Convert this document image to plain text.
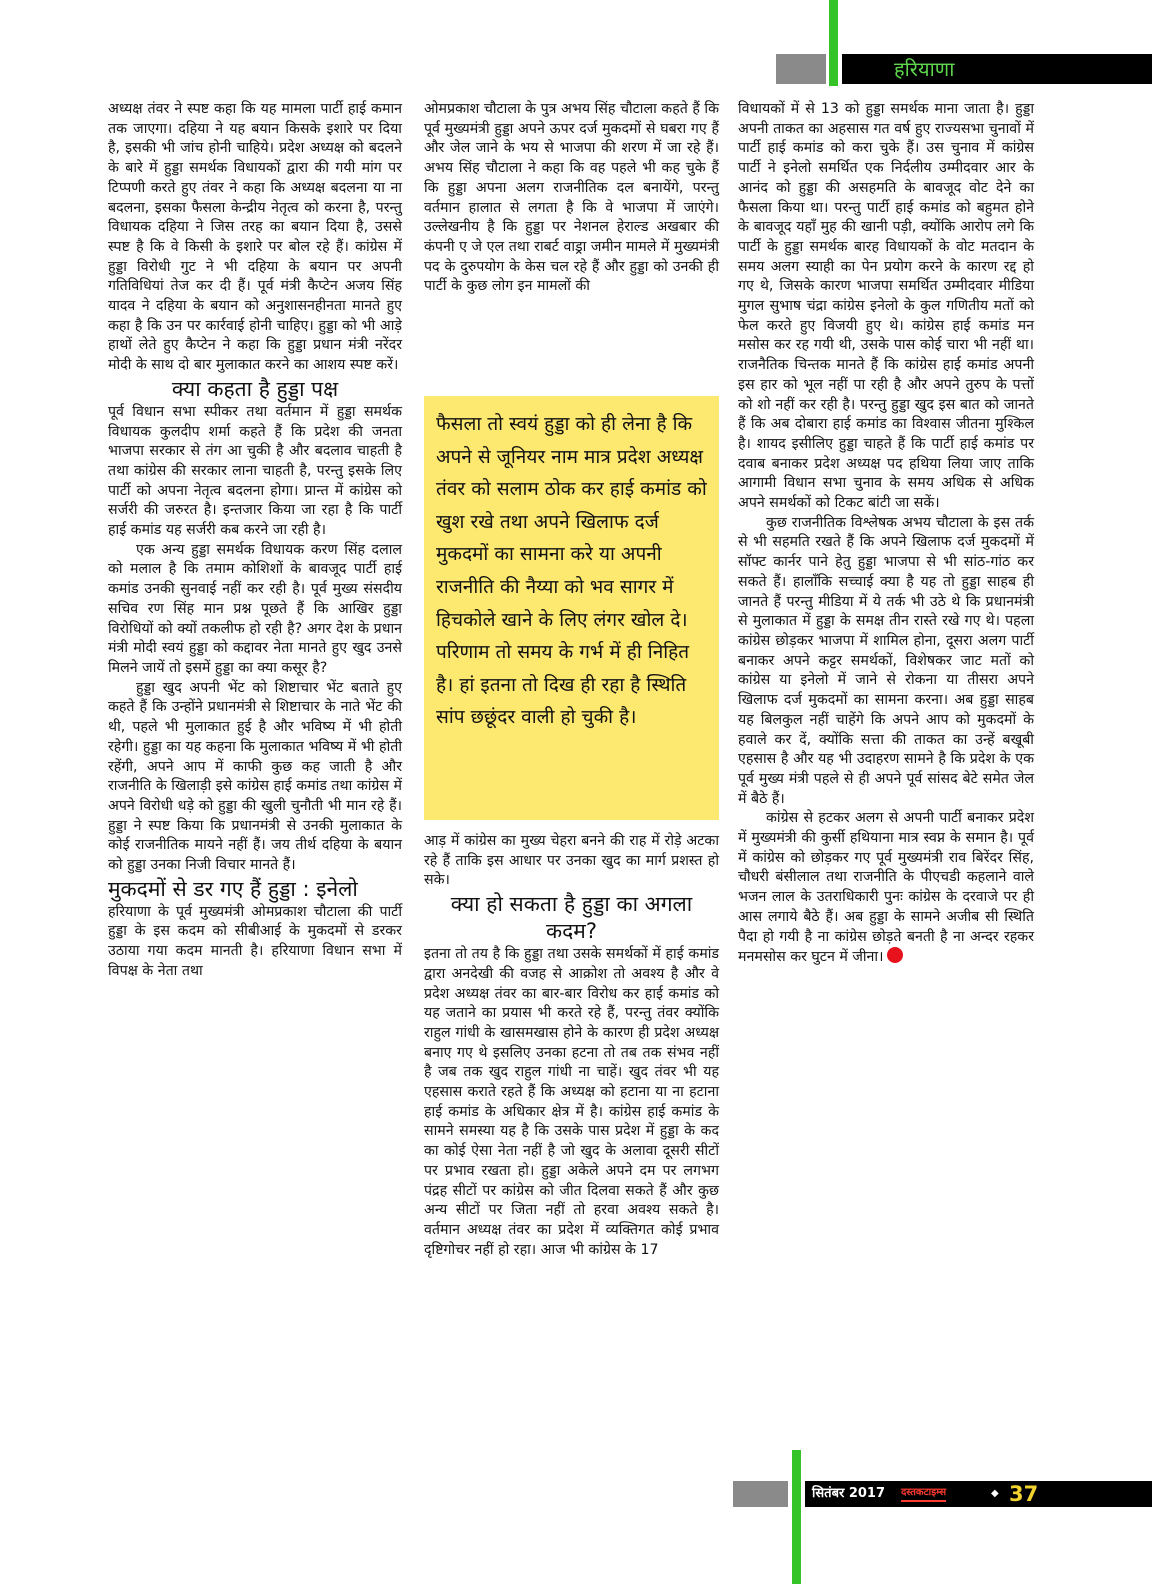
हरियाणा

अध्यक्ष तंवर ने स्पष्ट कहा कि यह मामला पार्टी हाई कमान तक जाएगा। दहिया ने यह बयान किसके इशारे पर दिया है, इसकी भी जांच होनी चाहिये। प्रदेश अध्यक्ष को बदलने के बारे में हुड्डा समर्थक विधायकों द्वारा की गयी मांग पर टिप्पणी करते हुए तंवर ने कहा कि अध्यक्ष बदलना या ना बदलना, इसका फैसला केन्द्रीय नेतृत्व को करना है, परन्तु विधायक दहिया ने जिस तरह का बयान दिया है, उससे स्पष्ट है कि वे किसी के इशारे पर बोल रहे हैं। कांग्रेस में हुड्डा विरोधी गुट ने भी दहिया के बयान पर अपनी गतिविधियां तेज कर दी हैं। पूर्व मंत्री कैप्टेन अजय सिंह यादव ने दहिया के बयान को अनुशासनहीनता मानते हुए कहा है कि उन पर कार्रवाई होनी चाहिए। हुड्डा को भी आड़े हाथों लेते हुए कैप्टेन ने कहा कि हुड्डा प्रधान मंत्री नरेंदर मोदी के साथ दो बार मुलाकात करने का आशय स्पष्ट करें।

क्या कहता है हुड्डा पक्ष

पूर्व विधान सभा स्पीकर तथा वर्तमान में हुड्डा समर्थक विधायक कुलदीप शर्मा कहते हैं कि प्रदेश की जनता भाजपा सरकार से तंग आ चुकी है और बदलाव चाहती है तथा कांग्रेस की सरकार लाना चाहती है, परन्तु इसके लिए पार्टी को अपना नेतृत्व बदलना होगा। प्रान्त में कांग्रेस को सर्जरी की जरुरत है। इन्तजार किया जा रहा है कि पार्टी हाई कमांड यह सर्जरी कब करने जा रही है।

एक अन्य हुड्डा समर्थक विधायक करण सिंह दलाल को मलाल है कि तमाम कोशिशों के बावजूद पार्टी हाई कमांड उनकी सुनवाई नहीं कर रही है। पूर्व मुख्य संसदीय सचिव रण सिंह मान प्रश्न पूछते हैं कि आखिर हुड्डा विरोधियों को क्यों तकलीफ हो रही है? अगर देश के प्रधान मंत्री मोदी स्वयं हुड्डा को कद्दावर नेता मानते हुए खुद उनसे मिलने जायें तो इसमें हुड्डा का क्या कसूर है?

हुड्डा खुद अपनी भेंट को शिष्टाचार भेंट बताते हुए कहते हैं कि उन्होंने प्रधानमंत्री से शिष्टाचार के नाते भेंट की थी, पहले भी मुलाकात हुई है और भविष्य में भी होती रहेगी। हुड्डा का यह कहना कि मुलाकात भविष्य में भी होती रहेंगी, अपने आप में काफी कुछ कह जाती है और राजनीति के खिलाड़ी इसे कांग्रेस हाई कमांड तथा कांग्रेस में अपने विरोधी धड़े को हुड्डा की खुली चुनौती भी मान रहे हैं। हुड्डा ने स्पष्ट किया कि प्रधानमंत्री से उनकी मुलाकात के कोई राजनीतिक मायने नहीं हैं। जय तीर्थ दहिया के बयान को हुड्डा उनका निजी विचार मानते हैं।

मुकदमों से डर गए हैं हुड्डा : इनेलो

हरियाणा के पूर्व मुख्यमंत्री ओमप्रकाश चौटाला की पार्टी हुड्डा के इस कदम को सीबीआई के मुकदमों से डरकर उठाया गया कदम मानती है। हरियाणा विधान सभा में विपक्ष के नेता तथा

ओमप्रकाश चौटाला के पुत्र अभय सिंह चौटाला कहते हैं कि पूर्व मुख्यमंत्री हुड्डा अपने ऊपर दर्ज मुकदमों से घबरा गए हैं और जेल जाने के भय से भाजपा की शरण में जा रहे हैं। अभय सिंह चौटाला ने कहा कि वह पहले भी कह चुके हैं कि हुड्डा अपना अलग राजनीतिक दल बनायेंगे, परन्तु वर्तमान हालात से लगता है कि वे भाजपा में जाएंगे। उल्लेखनीय है कि हुड्डा पर नेशनल हेराल्ड अखबार की कंपनी ए जे एल तथा राबर्ट वाड्रा जमीन मामले में मुख्यमंत्री पद के दुरुपयोग के केस चल रहे हैं और हुड्डा को उनकी ही पार्टी के कुछ लोग इन मामलों की

फैसला तो स्वयं हुड्डा को ही लेना है कि अपने से जूनियर नाम मात्र प्रदेश अध्यक्ष तंवर को सलाम ठोक कर हाई कमांड को खुश रखे तथा अपने खिलाफ दर्ज मुकदमों का सामना करे या अपनी राजनीति की नैय्या को भव सागर में हिचकोले खाने के लिए लंगर खोल दे। परिणाम तो समय के गर्भ में ही निहित है। हां इतना तो दिख ही रहा है स्थिति सांप छछूंदर वाली हो चुकी है।

आड़ में कांग्रेस का मुख्य चेहरा बनने की राह में रोड़े अटका रहे हैं ताकि इस आधार पर उनका खुद का मार्ग प्रशस्त हो सके।

क्या हो सकता है हुड्डा का अगला कदम?

इतना तो तय है कि हुड्डा तथा उसके समर्थकों में हाई कमांड द्वारा अनदेखी की वजह से आक्रोश तो अवश्य है और वे प्रदेश अध्यक्ष तंवर का बार-बार विरोध कर हाई कमांड को यह जताने का प्रयास भी करते रहे हैं, परन्तु तंवर क्योंकि राहुल गांधी के खासमखास होने के कारण ही प्रदेश अध्यक्ष बनाए गए थे इसलिए उनका हटना तो तब तक संभव नहीं है जब तक खुद राहुल गांधी ना चाहें। खुद तंवर भी यह एहसास कराते रहते हैं कि अध्यक्ष को हटाना या ना हटाना हाई कमांड के अधिकार क्षेत्र में है। कांग्रेस हाई कमांड के सामने समस्या यह है कि उसके पास प्रदेश में हुड्डा के कद का कोई ऐसा नेता नहीं है जो खुद के अलावा दूसरी सीटों पर प्रभाव रखता हो। हुड्डा अकेले अपने दम पर लगभग पंद्रह सीटों पर कांग्रेस को जीत दिलवा सकते हैं और कुछ अन्य सीटों पर जिता नहीं तो हरवा अवश्य सकते है। वर्तमान अध्यक्ष तंवर का प्रदेश में व्यक्तिगत कोई प्रभाव दृष्टिगोचर नहीं हो रहा। आज भी कांग्रेस के 17

विधायकों में से 13 को हुड्डा समर्थक माना जाता है। हुड्डा अपनी ताकत का अहसास गत वर्ष हुए राज्यसभा चुनावों में पार्टी हाई कमांड को करा चुके हैं। उस चुनाव में कांग्रेस पार्टी ने इनेलो समर्थित एक निर्दलीय उम्मीदवार आर के आनंद को हुड्डा की असहमति के बावजूद वोट देने का फैसला किया था। परन्तु पार्टी हाई कमांड को बहुमत होने के बावजूद यहाँ मुह की खानी पड़ी, क्योंकि आरोप लगे कि पार्टी के हुड्डा समर्थक बारह विधायकों के वोट मतदान के समय अलग स्याही का पेन प्रयोग करने के कारण रद्द हो गए थे, जिसके कारण भाजपा समर्थित उम्मीदवार मीडिया मुगल सुभाष चंद्रा कांग्रेस इनेलो के कुल गणितीय मतों को फेल करते हुए विजयी हुए थे। कांग्रेस हाई कमांड मन मसोस कर रह गयी थी, उसके पास कोई चारा भी नहीं था। राजनैतिक चिन्तक मानते हैं कि कांग्रेस हाई कमांड अपनी इस हार को भूल नहीं पा रही है और अपने तुरुप के पत्तों को शो नहीं कर रही है। परन्तु हुड्डा खुद इस बात को जानते हैं कि अब दोबारा हाई कमांड का विश्वास जीतना मुश्किल है। शायद इसीलिए हुड्डा चाहते हैं कि पार्टी हाई कमांड पर दवाब बनाकर प्रदेश अध्यक्ष पद हथिया लिया जाए ताकि आगामी विधान सभा चुनाव के समय अधिक से अधिक अपने समर्थकों को टिकट बांटी जा सकें।

कुछ राजनीतिक विश्लेषक अभय चौटाला के इस तर्क से भी सहमति रखते हैं कि अपने खिलाफ दर्ज मुकदमों में सॉफ्ट कार्नर पाने हेतु हुड्डा भाजपा से भी सांठ-गांठ कर सकते हैं। हालाँकि सच्चाई क्या है यह तो हुड्डा साहब ही जानते हैं परन्तु मीडिया में ये तर्क भी उठे थे कि प्रधानमंत्री से मुलाकात में हुड्डा के समक्ष तीन रास्ते रखे गए थे। पहला कांग्रेस छोड़कर भाजपा में शामिल होना, दूसरा अलग पार्टी बनाकर अपने कट्टर समर्थकों, विशेषकर जाट मतों को कांग्रेस या इनेलो में जाने से रोकना या तीसरा अपने खिलाफ दर्ज मुकदमों का सामना करना। अब हुड्डा साहब यह बिलकुल नहीं चाहेंगे कि अपने आप को मुकदमों के हवाले कर दें, क्योंकि सत्ता की ताकत का उन्हें बखूबी एहसास है और यह भी उदाहरण सामने है कि प्रदेश के एक पूर्व मुख्य मंत्री पहले से ही अपने पूर्व सांसद बेटे समेत जेल में बैठे हैं।

कांग्रेस से हटकर अलग से अपनी पार्टी बनाकर प्रदेश में मुख्यमंत्री की कुर्सी हथियाना मात्र स्वप्न के समान है। पूर्व में कांग्रेस को छोड़कर गए पूर्व मुख्यमंत्री राव बिरेंदर सिंह, चौधरी बंसीलाल तथा राजनीति के पीएचडी कहलाने वाले भजन लाल के उतराधिकारी पुनः कांग्रेस के दरवाजे पर ही आस लगाये बैठे हैं। अब हुड्डा के सामने अजीब सी स्थिति पैदा हो गयी है ना कांग्रेस छोड़ते बनती है ना अन्दर रहकर मनमसोस कर घुटन में जीना।

सितंबर 2017 दस्तकटाइम्स	◆ 37
